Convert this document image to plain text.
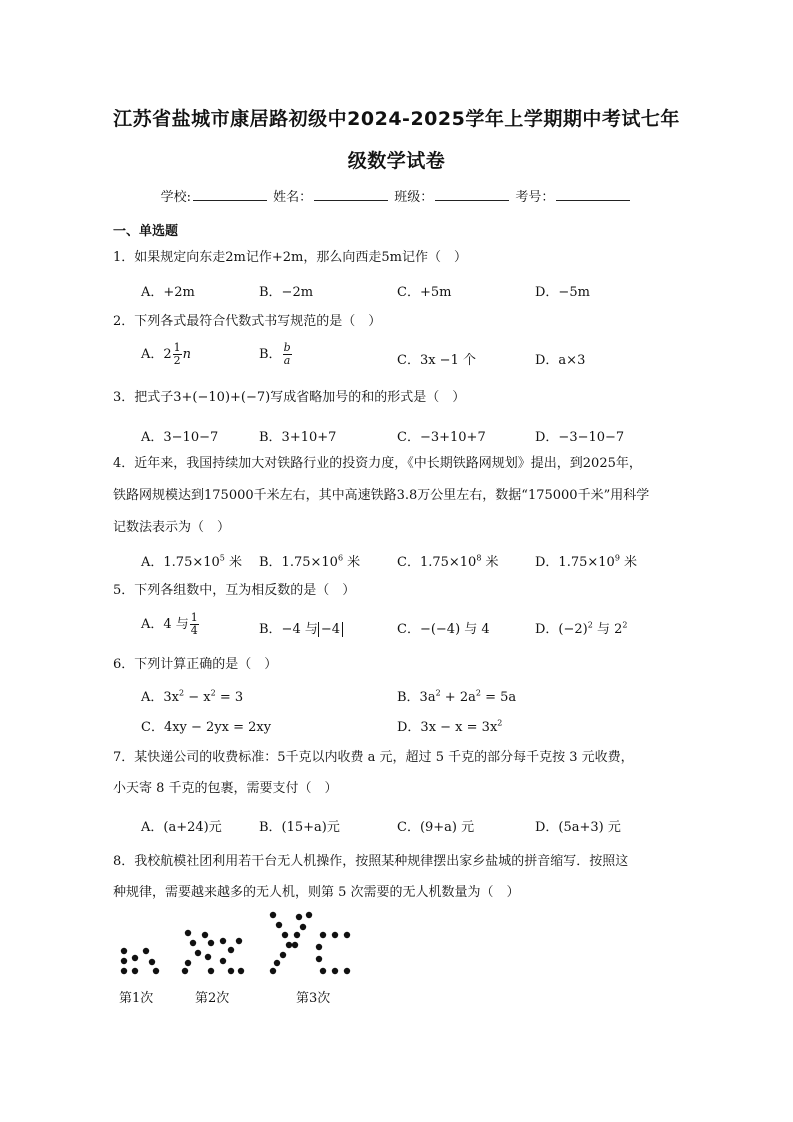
江苏省盐城市康居路初级中2024-2025学年上学期期中考试七年
级数学试卷
学校:	姓名：	班级：	考号：
一、单选题
1．如果规定向东走2m记作+2m，那么向西走5m记作（　）
A．+2m	B．−2m	C．+5m	D．−5m
2．下列各式最符合代数式书写规范的是（　）
A．$2 \frac{1}{2}$ n	B． $\frac{b}{a}$	C．3x −1 个	D．a×3
3．把式子3+(−10)+(−7)写成省略加号的和的形式是（　）
A．3−10−7	B．3+10+7	C．−3+10+7	D．−3−10−7
4．近年来，我国持续加大对铁路行业的投资力度，《中长期铁路网规划》提出，到2025年，
铁路网规模达到175000千米左右，其中高速铁路3.8万公里左右，数据“175000千米”用科学
记数法表示为（　）
A．$1.75\times 10^5$ 米 B．$1.75\times 10^6$ 米	C．$1.75\times 10^8$ 米	D．$1.75\times 10^9$ 米
5．下列各组数中，互为相反数的是（　）
A．4 与 $\frac{1}{4}$	B．−4 与 −4	C．−(−4) 与 4	D．$(-2)^2$ 与 $2^2$
6．下列计算正确的是（　）
A．$3x^2 - x^2 = 3$	B．$3a^2 + 2a^2 = 5a$
C．4xy − 2yx = 2xy	D．$3x - x = 3x^2$
7．某快递公司的收费标准：5千克以内收费 a 元，超过 5 千克的部分每千克按 3 元收费，
小天寄 8 千克的包裹，需要支付（　）
A．(a+24)元	B．(15+a)元	C．(9+a) 元	D．(5a+3) 元
8．我校航模社团利用若干台无人机操作，按照某种规律摆出家乡盐城的拼音缩写．按照这
种规律，需要越来越多的无人机，则第 5 次需要的无人机数量为（　）
第1次	第2次	第3次
